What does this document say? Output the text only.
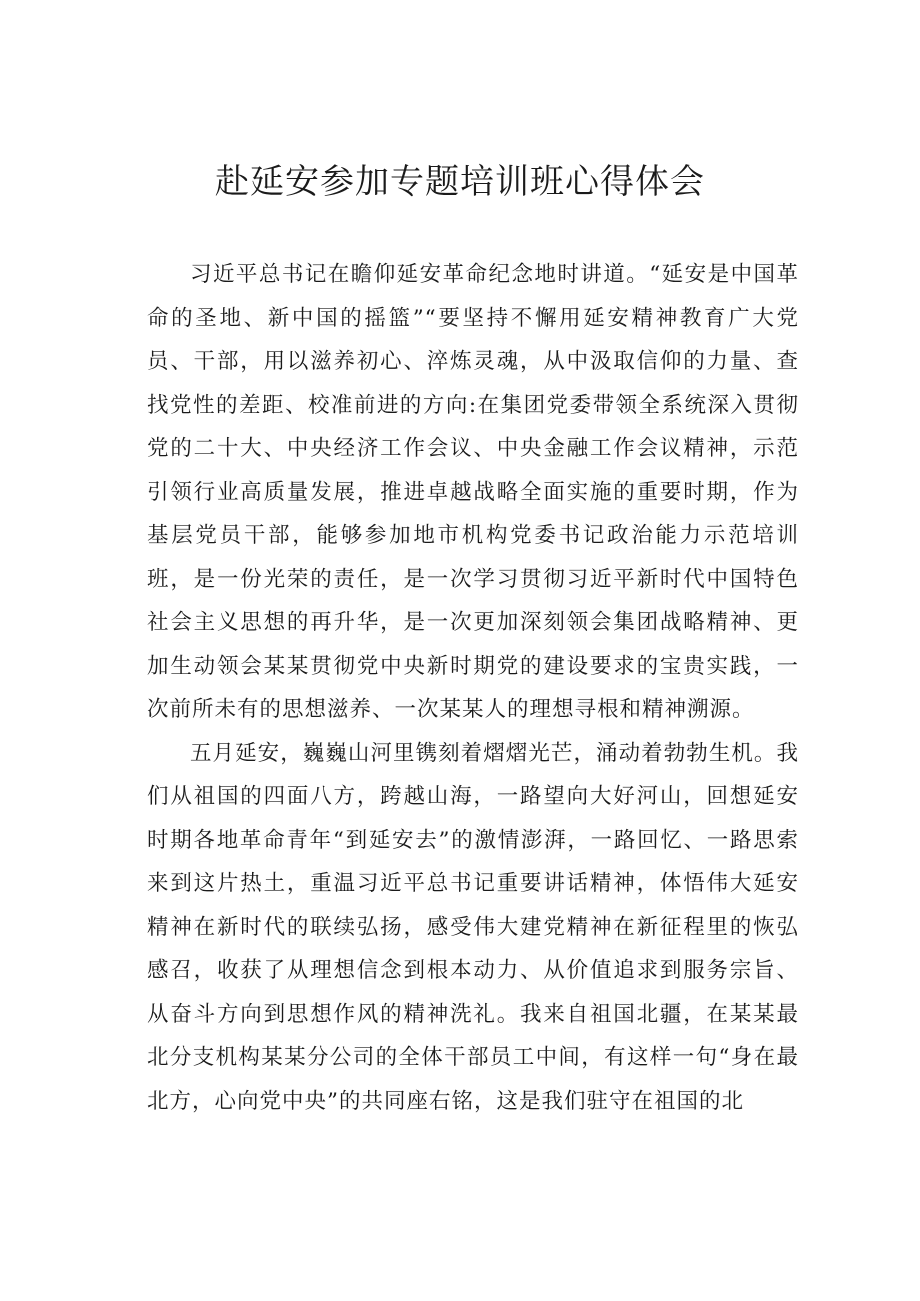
赴延安参加专题培训班心得体会

习近平总书记在瞻仰延安革命纪念地时讲道。“延安是中国革命的圣地、新中国的摇篮”“要坚持不懈用延安精神教育广大党员、干部，用以滋养初心、淬炼灵魂，从中汲取信仰的力量、查找党性的差距、校准前进的方向:在集团党委带领全系统深入贯彻党的二十大、中央经济工作会议、中央金融工作会议精神，示范引领行业高质量发展，推进卓越战略全面实施的重要时期，作为基层党员干部，能够参加地市机构党委书记政治能力示范培训班，是一份光荣的责任，是一次学习贯彻习近平新时代中国特色社会主义思想的再升华，是一次更加深刻领会集团战略精神、更加生动领会某某贯彻党中央新时期党的建设要求的宝贵实践，一次前所未有的思想滋养、一次某某人的理想寻根和精神溯源。

五月延安，巍巍山河里镌刻着熠熠光芒，涌动着勃勃生机。我们从祖国的四面八方，跨越山海，一路望向大好河山，回想延安时期各地革命青年“到延安去”的激情澎湃，一路回忆、一路思索来到这片热土，重温习近平总书记重要讲话精神，体悟伟大延安精神在新时代的联续弘扬，感受伟大建党精神在新征程里的恢弘感召，收获了从理想信念到根本动力、从价值追求到服务宗旨、从奋斗方向到思想作风的精神洗礼。我来自祖国北疆，在某某最北分支机构某某分公司的全体干部员工中间，有这样一句“身在最北方，心向党中央”的共同座右铭，这是我们驻守在祖国的北
